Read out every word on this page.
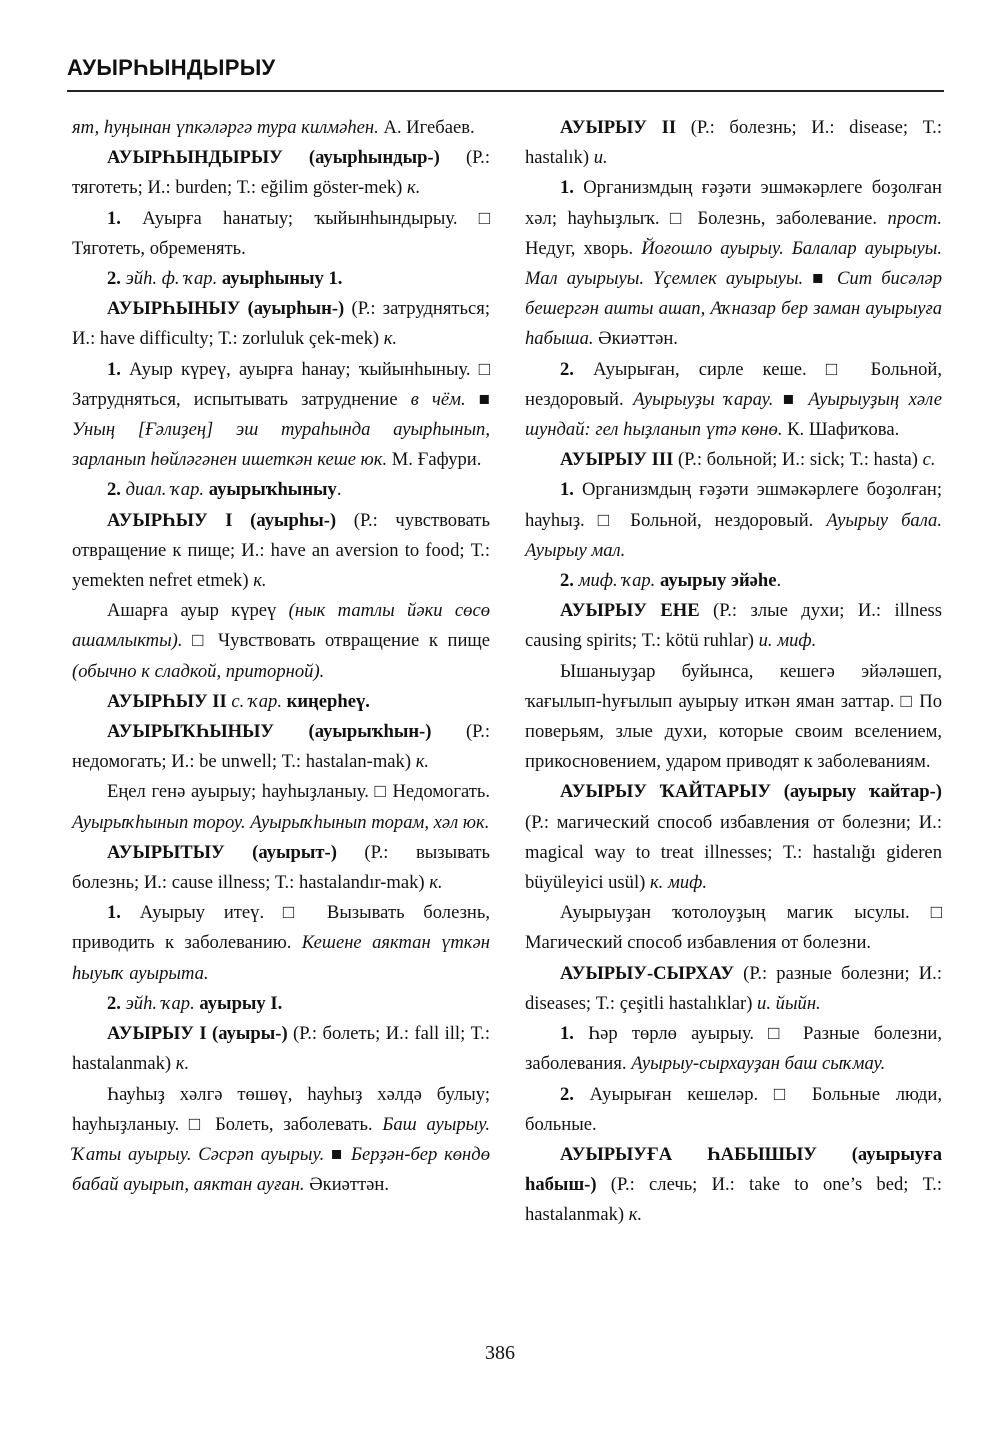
АУЫРҺЫНДЫРЫУ

ят, һуңынан үпкәләргә тура килмәһен. А. Игебаев.

АУЫРҺЫНДЫРЫУ (ауырһындыр-) (Р.: тяготеть; И.: burden; Т.: eğilim göster-mek) к.

1. Ауырға һанатыу; ҡыйынһындырыу. □ Тяготеть, обременять.

2. эйһ. ф. ҡар. ауырһыныу 1.

АУЫРҺЫНЫУ (ауырһын-) (Р.: затрудняться; И.: have difficulty; Т.: zorluluk çek-mek) к.

1. Ауыр күреү, ауырға һанау; ҡыйынһыныу. □ Затрудняться, испытывать затруднение в чём. ■ Уның [Ғәлиҙең] эш тураһында ауырһынып, зарланып һөйләгәнен ишеткән кеше юк. М. Ғафури.

2. диал. ҡар. ауырыҡһыныу.

АУЫРҺЫУ I (ауырһы-) (Р.: чувствовать отвращение к пище; И.: have an aversion to food; Т.: yemekten nefret etmek) к.

Ашарға ауыр күреү (нык татлы йәки сөсө ашамлыкты). □ Чувствовать отвращение к пище (обычно к сладкой, приторной).

АУЫРҺЫУ II с. ҡар. киңерһеү.

АУЫРЫҠҺЫНЫУ (ауырыҡһын-) (Р.: недомогать; И.: be unwell; Т.: hastalan-mak) к.

Еңел генә ауырыу; һауһыҙланыу. □ Недомогать. Ауырыҡһынып тороу. Ауырыҡһынып торам, хәл юк.

АУЫРЫТЫУ (ауырыт-) (Р.: вызывать болезнь; И.: cause illness; Т.: hastalandır-mak) к.

1. Ауырыу итеү. □ Вызывать болезнь, приводить к заболеванию. Кешене аяктан үткән һыуыҡ ауырыта.

2. эйһ. ҡар. ауырыу I.

АУЫРЫУ I (ауыры-) (Р.: болеть; И.: fall ill; Т.: hastalanmak) к.

Һауһыҙ хәлгә төшөү, һауһыҙ хәлдә булыу; һауһыҙланыу. □ Болеть, заболевать. Баш ауырыу. Ҡаты ауырыу. Сәсрәп ауырыу. ■ Берҙән-бер көндө бабай ауырып, аяктан ауған. Әкиәттән.

АУЫРЫУ II (Р.: болезнь; И.: disease; Т.: hastalık) и.

1. Организмдың ғәҙәти эшмәкәрлеге боҙолған хәл; һауһыҙлыҡ. □ Болезнь, заболевание. прост. Недуг, хворь. Йоғошло ауырыу. Балалар ауырыуы. Мал ауырыуы. Үҫемлек ауырыуы. ■ Сит бисәләр бешергән ашты ашап, Аҡназар бер заман ауырыуға һабыша. Әкиәттән.

2. Ауырыған, сирле кеше. □ Больной, нездоровый. Ауырыуҙы ҡарау. ■ Ауырыуҙың хәле шундай: гел һыҙланып үтә көнө. К. Шафиҡова.

АУЫРЫУ III (Р.: больной; И.: sick; Т.: hasta) с.

1. Организмдың ғәҙәти эшмәкәрлеге боҙолған; һауһыҙ. □ Больной, нездоровый. Ауырыу бала. Ауырыу мал.

2. миф. ҡар. ауырыу эйәһе.

АУЫРЫУ ЕНЕ (Р.: злые духи; И.: illness causing spirits; Т.: kötü ruhlar) и. миф.

Ышаныуҙар буйынса, кешегә эйәләшеп, ҡағылып-һуғылып ауырыу иткән яман заттар. □ По поверьям, злые духи, которые своим вселением, прикосновением, ударом приводят к заболеваниям.

АУЫРЫУ ҠАЙТАРЫУ (ауырыу ҡайтар-) (Р.: магический способ избавления от болезни; И.: magical way to treat illnesses; Т.: hastalığı gideren büyüleyici usül) к. миф.

Ауырыуҙан ҡотолоуҙың магик ысулы. □ Магический способ избавления от болезни.

АУЫРЫУ-СЫРХАУ (Р.: разные болезни; И.: diseases; Т.: çeşitli hastalıklar) и. йыйн.

1. Һәр төрлө ауырыу. □ Разные болезни, заболевания. Ауырыу-сырхауҙан баш сыҡмау.

2. Ауырыған кешеләр. □ Больные люди, больные.

АУЫРЫУҒА ҺАБЫШЫУ (ауырыуға һабыш-) (Р.: слечь; И.: take to one’s bed; Т.: hastalanmak) к.

386
